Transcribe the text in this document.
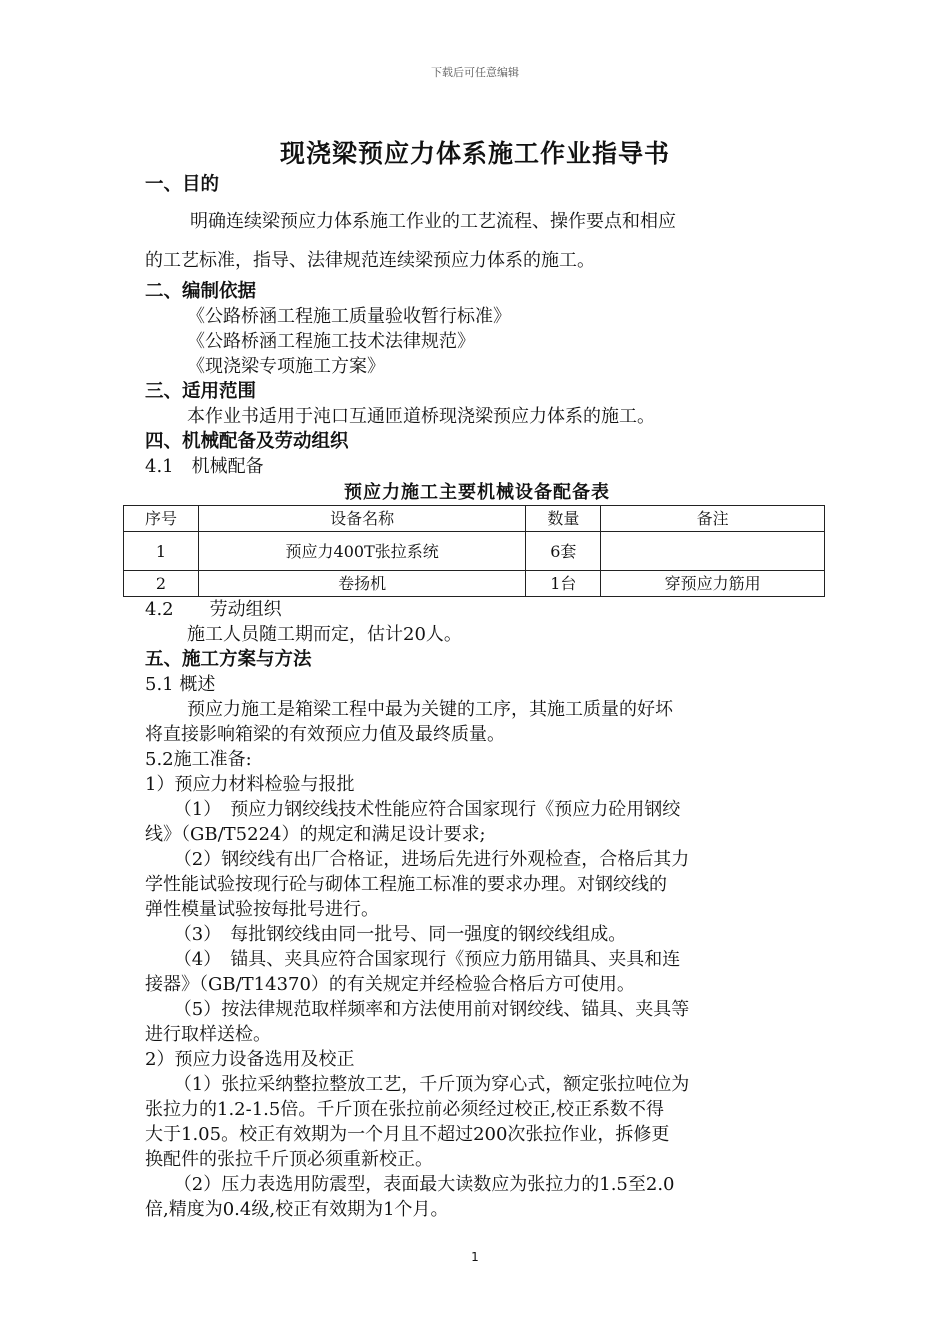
下载后可任意编辑
现浇梁预应力体系施工作业指导书
一、目的

明确连续梁预应力体系施工作业的工艺流程、操作要点和相应

的工艺标准，指导、法律规范连续梁预应力体系的施工。

二、编制依据

《公路桥涵工程施工质量验收暂行标准》

《公路桥涵工程施工技术法律规范》

《现浇梁专项施工方案》

三、适用范围

本作业书适用于沌口互通匝道桥现浇梁预应力体系的施工。

四、机械配备及劳动组织

4.1　机械配备

预应力施工主要机械设备配备表
序号	设备名称	数量	备注
1	预应力400T张拉系统	6套	
2	卷扬机	1台	穿预应力筋用

4.2　　劳动组织

施工人员随工期而定，估计20人。

五、施工方案与方法

5.1 概述

预应力施工是箱梁工程中最为关键的工序，其施工质量的好坏

将直接影响箱梁的有效预应力值及最终质量。

5.2施工准备:

1）预应力材料检验与报批

（1）　预应力钢绞线技术性能应符合国家现行《预应力砼用钢绞

线》（GB/T5224）的规定和满足设计要求;

（2）钢绞线有出厂合格证，进场后先进行外观检查，合格后其力

学性能试验按现行砼与砌体工程施工标准的要求办理。对钢绞线的

弹性模量试验按每批号进行。

（3）　每批钢绞线由同一批号、同一强度的钢绞线组成。

（4）　锚具、夹具应符合国家现行《预应力筋用锚具、夹具和连

接器》（GB/T14370）的有关规定并经检验合格后方可使用。

（5）按法律规范取样频率和方法使用前对钢绞线、锚具、夹具等

进行取样送检。

2）预应力设备选用及校正

（1）张拉采纳整拉整放工艺，千斤顶为穿心式，额定张拉吨位为

张拉力的1.2-1.5倍。千斤顶在张拉前必须经过校正,校正系数不得

大于1.05。校正有效期为一个月且不超过200次张拉作业，拆修更

换配件的张拉千斤顶必须重新校正。

（2）压力表选用防震型，表面最大读数应为张拉力的1.5至2.0

倍,精度为0.4级,校正有效期为1个月。

1
